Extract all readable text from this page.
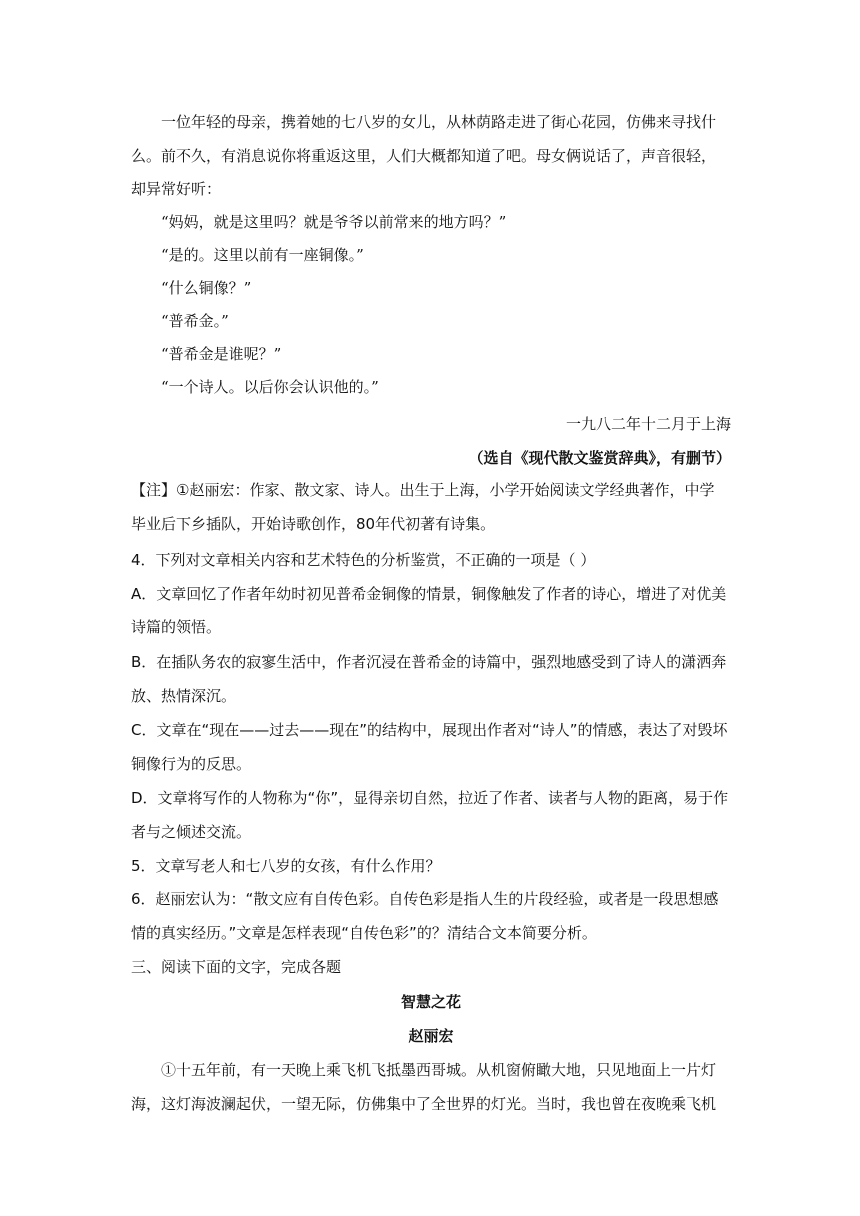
一位年轻的母亲，携着她的七八岁的女儿，从林荫路走进了街心花园，仿佛来寻找什
么。前不久，有消息说你将重返这里，人们大概都知道了吧。母女俩说话了，声音很轻，
却异常好听：
“妈妈，就是这里吗？就是爷爷以前常来的地方吗？”
“是的。这里以前有一座铜像。”
“什么铜像？”
“普希金。”
“普希金是谁呢？”
“一个诗人。以后你会认识他的。”
一九八二年十二月于上海
（选自《现代散文鉴赏辞典》，有删节）
【注】①赵丽宏：作家、散文家、诗人。出生于上海，小学开始阅读文学经典著作，中学
毕业后下乡插队，开始诗歌创作，80年代初著有诗集。
4．下列对文章相关内容和艺术特色的分析鉴赏，不正确的一项是（ ）
A．文章回忆了作者年幼时初见普希金铜像的情景，铜像触发了作者的诗心，增进了对优美
诗篇的领悟。
B．在插队务农的寂寥生活中，作者沉浸在普希金的诗篇中，强烈地感受到了诗人的潇洒奔
放、热情深沉。
C．文章在“现在——过去——现在”的结构中，展现出作者对“诗人”的情感，表达了对毁坏
铜像行为的反思。
D．文章将写作的人物称为“你”，显得亲切自然，拉近了作者、读者与人物的距离，易于作
者与之倾述交流。
5．文章写老人和七八岁的女孩，有什么作用？
6．赵丽宏认为：“散文应有自传色彩。自传色彩是指人生的片段经验，或者是一段思想感
情的真实经历。”文章是怎样表现“自传色彩”的？清结合文本简要分析。
三、阅读下面的文字，完成各题
智慧之花
赵丽宏
①十五年前，有一天晚上乘飞机飞抵墨西哥城。从机窗俯瞰大地，只见地面上一片灯
海，这灯海波澜起伏，一望无际，仿佛集中了全世界的灯光。当时，我也曾在夜晚乘飞机
